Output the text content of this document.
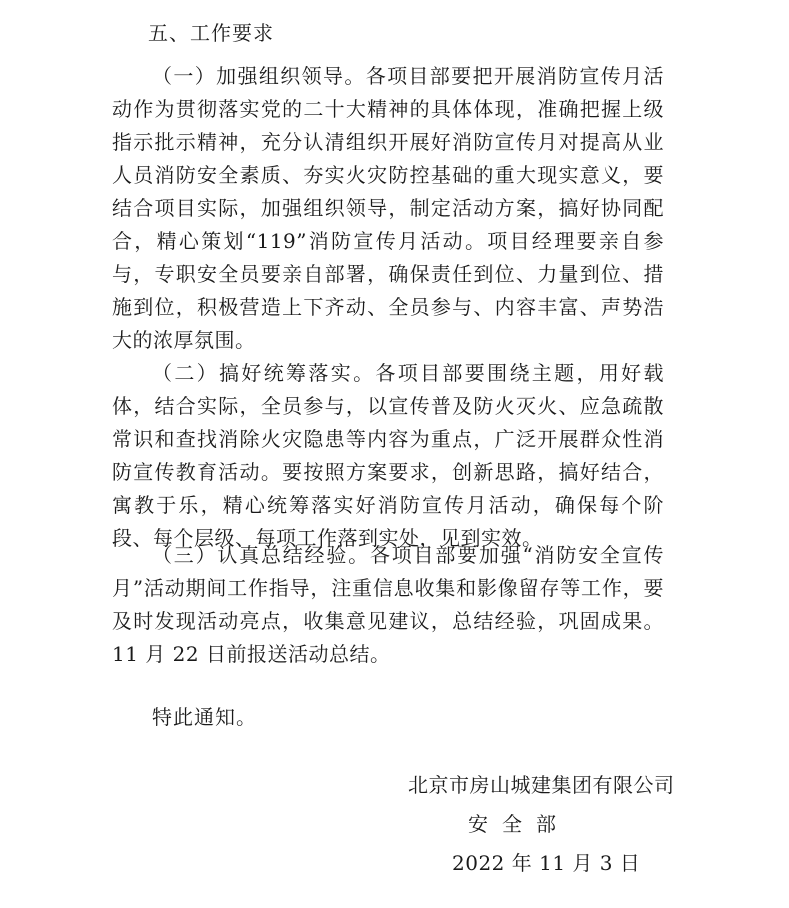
五、工作要求

（一）加强组织领导。各项目部要把开展消防宣传月活动作为贯彻落实党的二十大精神的具体体现，准确把握上级指示批示精神，充分认清组织开展好消防宣传月对提高从业人员消防安全素质、夯实火灾防控基础的重大现实意义，要结合项目实际，加强组织领导，制定活动方案，搞好协同配合，精心策划“119”消防宣传月活动。项目经理要亲自参与，专职安全员要亲自部署，确保责任到位、力量到位、措施到位，积极营造上下齐动、全员参与、内容丰富、声势浩大的浓厚氛围。

（二）搞好统筹落实。各项目部要围绕主题，用好载体，结合实际，全员参与，以宣传普及防火灭火、应急疏散常识和查找消除火灾隐患等内容为重点，广泛开展群众性消防宣传教育活动。要按照方案要求，创新思路，搞好结合，寓教于乐，精心统筹落实好消防宣传月活动，确保每个阶段、每个层级、每项工作落到实处，见到实效。

（三）认真总结经验。各项目部要加强“消防安全宣传月”活动期间工作指导，注重信息收集和影像留存等工作，要及时发现活动亮点，收集意见建议，总结经验，巩固成果。11 月 22 日前报送活动总结。

特此通知。
北京市房山城建集团有限公司
安全部
2022 年 11 月 3 日
